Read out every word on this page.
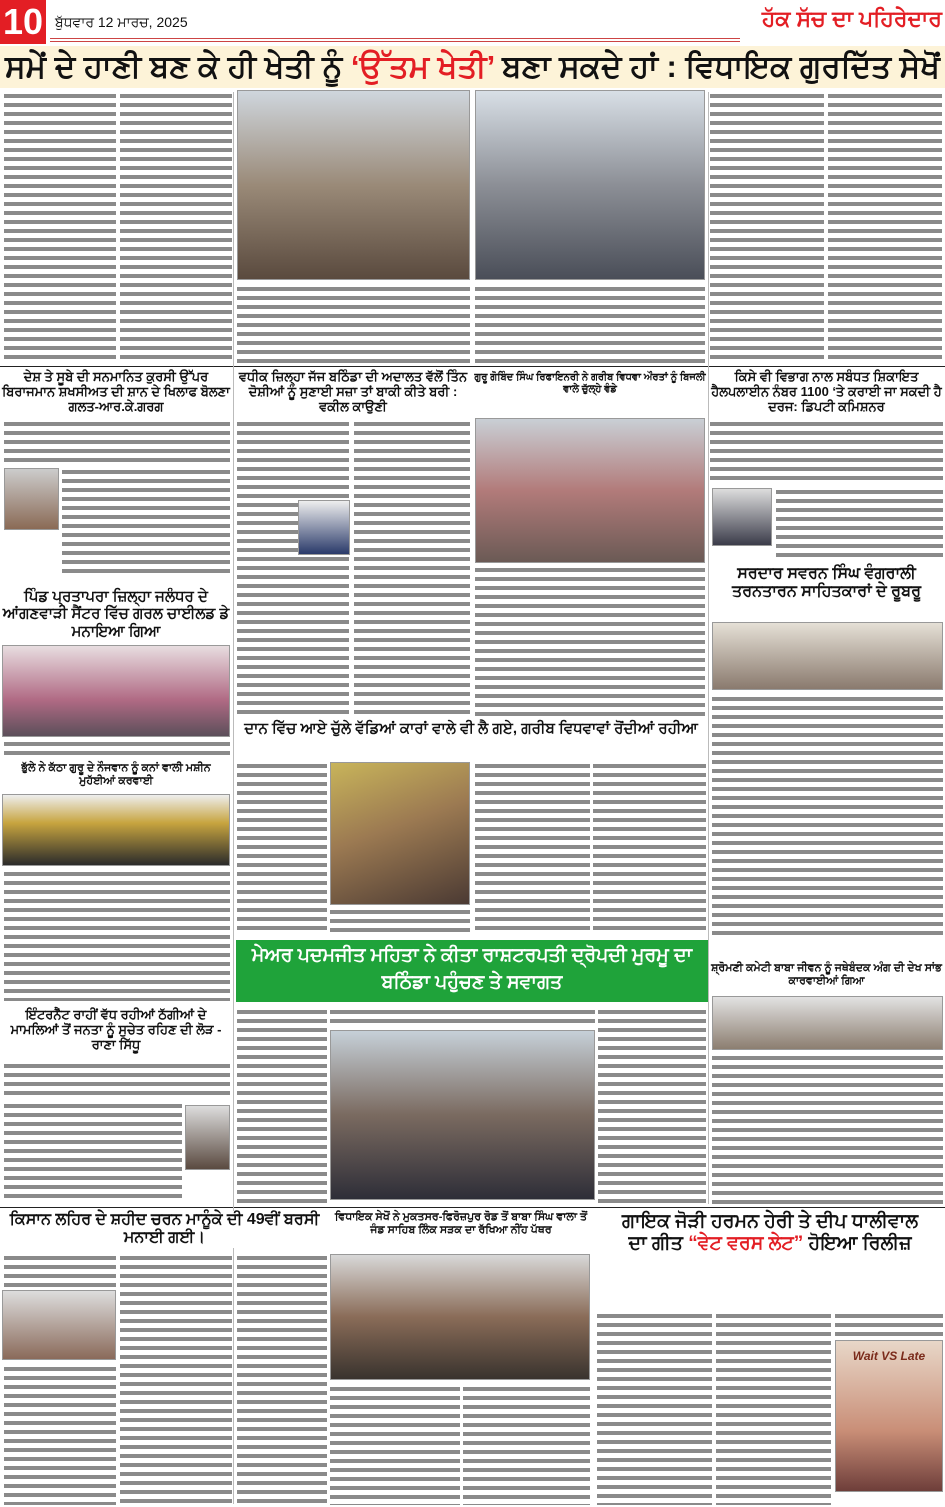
10 ਬੁੱਧਵਾਰ 12 ਮਾਰਚ, 2025	ਹੱਕ ਸੱਚ ਦਾ ਪਹਿਰੇਦਾਰ
ਸਮੇਂ ਦੇ ਹਾਣੀ ਬਣ ਕੇ ਹੀ ਖੇਤੀ ਨੂੰ ‘ਉੱਤਮ ਖੇਤੀ’ ਬਣਾ ਸਕਦੇ ਹਾਂ : ਵਿਧਾਇਕ ਗੁਰਦਿੱਤ ਸੇਖੋਂ
ਦੇਸ਼ ਤੇ ਸੂਬੇ ਦੀ ਸਨਮਾਨਿਤ ਕੁਰਸੀ ਉੱਪਰ ਬਿਰਾਜਮਾਨ ਸ਼ਖਸੀਅਤ ਦੀ ਸ਼ਾਨ ਦੇ ਖਿਲਾਫ ਬੋਲਣਾ ਗਲਤ-ਆਰ.ਕੇ.ਗਰਗ
ਵਧੀਕ ਜ਼ਿਲ੍ਹਾ ਜੱਜ ਬਠਿੰਡਾ ਦੀ ਅਦਾਲਤ ਵੱਲੋਂ ਤਿੰਨ ਦੋਸ਼ੀਆਂ ਨੂੰ ਸੁਣਾਈ ਸਜ਼ਾ ਤਾਂ ਬਾਕੀ ਕੀਤੇ ਬਰੀ : ਵਕੀਲ ਕਾਉਣੀ
ਗੁਰੂ ਗੋਬਿੰਦ ਸਿੰਘ ਰਿਫਾਇਨਰੀ ਨੇ ਗਰੀਬ ਵਿਧਵਾ ਔਰਤਾਂ ਨੂੰ ਬਿਜਲੀ ਵਾਲੇ ਚੁੱਲ੍ਹੇ ਵੰਡੇ
ਕਿਸੇ ਵੀ ਵਿਭਾਗ ਨਾਲ ਸਬੰਧਤ ਸ਼ਿਕਾਇਤ ਹੈਲਪਲਾਈਨ ਨੰਬਰ 1100 ‘ਤੇ ਕਰਾਈ ਜਾ ਸਕਦੀ ਹੈ ਦਰਜ: ਡਿਪਟੀ ਕਮਿਸ਼ਨਰ
ਪਿੰਡ ਪ੍ਰਤਾਪਰਾ ਜ਼ਿਲ੍ਹਾ ਜਲੰਧਰ ਦੇ ਆਂਗਣਵਾੜੀ ਸੈਂਟਰ ਵਿੱਚ ਗਰਲ ਚਾਈਲਡ ਡੇ ਮਨਾਇਆ ਗਿਆ
ਸਰਦਾਰ ਸਵਰਨ ਸਿੰਘ ਵੰਗਰਾਲੀ ਤਰਨਤਾਰਨ ਸਾਹਿਤਕਾਰਾਂ ਦੇ ਰੂਬਰੂ
ਦਾਨ ਵਿੱਚ ਆਏ ਚੁੱਲੇ ਵੱਡਿਆਂ ਕਾਰਾਂ ਵਾਲੇ ਵੀ ਲੈ ਗਏ, ਗਰੀਬ ਵਿਧਵਾਵਾਂ ਰੋਂਦੀਆਂ ਰਹੀਆ
ਭੁੱਲੇ ਨੇ ਕੱਠਾ ਗੁਰੂ ਦੇ ਨੌਜਵਾਨ ਨੂੰ ਕਨਾਂ ਵਾਲੀ ਮਸ਼ੀਨ ਮੁਹੱਈਆਂ ਕਰਵਾਈ
ਮੇਅਰ ਪਦਮਜੀਤ ਮਹਿਤਾ ਨੇ ਕੀਤਾ ਰਾਸ਼ਟਰਪਤੀ ਦ੍ਰੋਪਦੀ ਮੁਰਮੂ ਦਾ ਬਠਿੰਡਾ ਪਹੁੰਚਣ ਤੇ ਸਵਾਗਤ
ਸ਼੍ਰੋਮਣੀ ਕਮੇਟੀ ਬਾਬਾ ਜੀਵਨ ਨੂੰ ਜਥੇਬੰਦਕ ਅੰਗ ਦੀ ਦੇਖ ਸਾਂਭ ਕਾਰਵਾਈਆਂ ਗਿਆ
ਇੰਟਰਨੈੱਟ ਰਾਹੀਂ ਵੱਧ ਰਹੀਆਂ ਠੱਗੀਆਂ ਦੇ ਮਾਮਲਿਆਂ ਤੋਂ ਜਨਤਾ ਨੂੰ ਸੁਚੇਤ ਰਹਿਣ ਦੀ ਲੋੜ - ਰਾਣਾ ਸਿੱਧੂ
ਕਿਸਾਨ ਲਹਿਰ ਦੇ ਸ਼ਹੀਦ ਚਰਨ ਮਾਨੂੰਕੇ ਦੀ 49ਵੀਂ ਬਰਸੀ ਮਨਾਈ ਗਈ।
ਵਿਧਾਇਕ ਸੇਖੋਂ ਨੇ ਮੁਕਤਸਰ-ਫਿਰੋਜ਼ਪੁਰ ਰੋਡ ਤੋਂ ਬਾਬਾ ਸਿੰਘ ਵਾਲਾ ਤੋਂ ਜੰਡ ਸਾਹਿਬ ਲਿੰਕ ਸੜਕ ਦਾ ਰੱਖਿਆ ਨੀਂਹ ਪੱਥਰ	ਗਾਇਕ ਜੋੜੀ ਹਰਮਨ ਹੇਰੀ ਤੇ ਦੀਪ ਧਾਲੀਵਾਲ
ਦਾ ਗੀਤ “ਵੇਟ ਵਰਸ ਲੇਟ” ਹੋਇਆ ਰਿਲੀਜ਼
Wait VS Late
